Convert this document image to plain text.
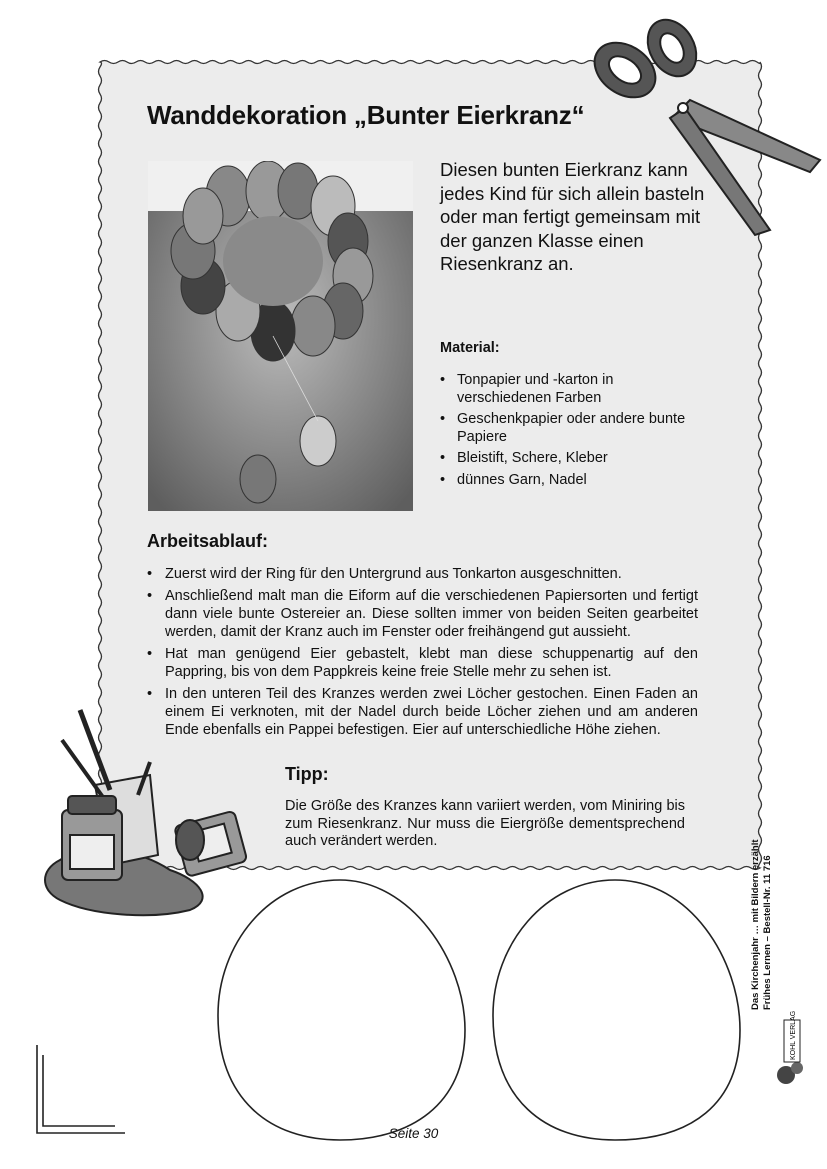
KOHL VERLAG
Wanddekoration „Bunter Eierkranz“
Diesen bunten Eierkranz kann jedes Kind für sich allein basteln oder man fertigt gemeinsam mit der ganzen Klasse einen Riesenkranz an.
Material:
• Tonpapier und -karton in verschiedenen Farben
• Geschenkpapier oder andere bunte Papiere
• Bleistift, Schere, Kleber
• dünnes Garn, Nadel
Arbeitsablauf:
• Zuerst wird der Ring für den Untergrund aus Tonkarton ausgeschnitten.
• Anschließend malt man die Eiform auf die verschiedenen Papiersorten und fertigt dann viele bunte Ostereier an. Diese sollten immer von beiden Seiten gearbeitet werden, damit der Kranz auch im Fenster oder freihängend gut aussieht.
• Hat man genügend Eier gebastelt, klebt man diese schuppenartig auf den Pappring, bis von dem Pappkreis keine freie Stelle mehr zu sehen ist.
• In den unteren Teil des Kranzes werden zwei Löcher gestochen. Einen Faden an einem Ei verknoten, mit der Nadel durch beide Löcher ziehen und am anderen Ende ebenfalls ein Pappei befestigen. Eier auf unterschiedliche Höhe ziehen.
Tipp:

Die Größe des Kranzes kann variiert werden, vom Miniring bis zum Riesenkranz. Nur muss die Eiergröße dementsprechend auch verändert werden.	Das Kirchenjahr … mit Bildern erzählt Frühes Lernen – Bestell-Nr. 11 716
Seite 30
